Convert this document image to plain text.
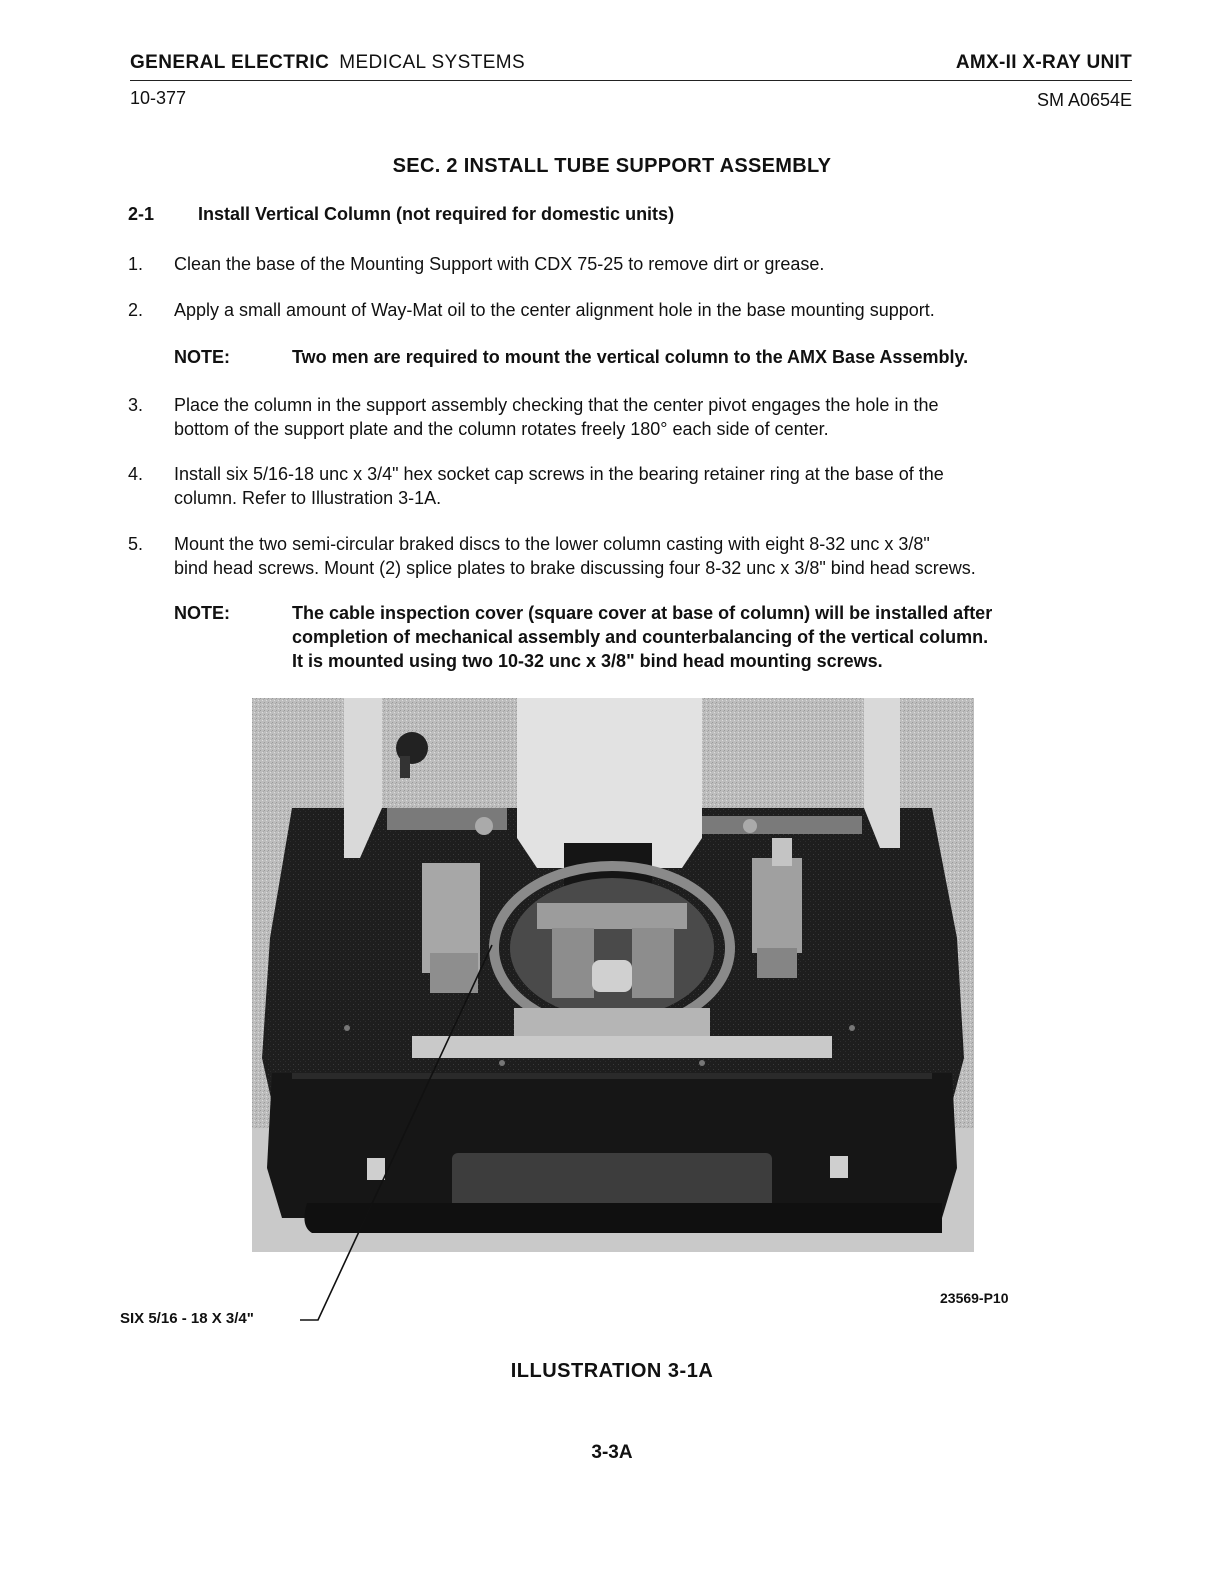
GENERAL ELECTRIC MEDICAL SYSTEMS	AMX-II X-RAY UNIT
10-377	SM A0654E
SEC. 2 INSTALL TUBE SUPPORT ASSEMBLY
2-1 Install Vertical Column (not required for domestic units)
1. Clean the base of the Mounting Support with CDX 75-25 to remove dirt or grease.
2. Apply a small amount of Way-Mat oil to the center alignment hole in the base mounting support.
NOTE:	Two men are required to mount the vertical column to the AMX Base Assembly.
3. Place the column in the support assembly checking that the center pivot engages the hole in the
bottom of the support plate and the column rotates freely 180° each side of center.
4. Install six 5/16-18 unc x 3/4" hex socket cap screws in the bearing retainer ring at the base of the
column. Refer to Illustration 3-1A.
5. Mount the two semi-circular braked discs to the lower column casting with eight 8-32 unc x 3/8"
bind head screws. Mount (2) splice plates to brake discussing four 8-32 unc x 3/8" bind head screws.
NOTE:	The cable inspection cover (square cover at base of column) will be installed after
completion of mechanical assembly and counterbalancing of the vertical column.
It is mounted using two 10-32 unc x 3/8" bind head mounting screws.
23569-P10
SIX 5/16 - 18 X 3/4"
ILLUSTRATION 3-1A
3-3A
